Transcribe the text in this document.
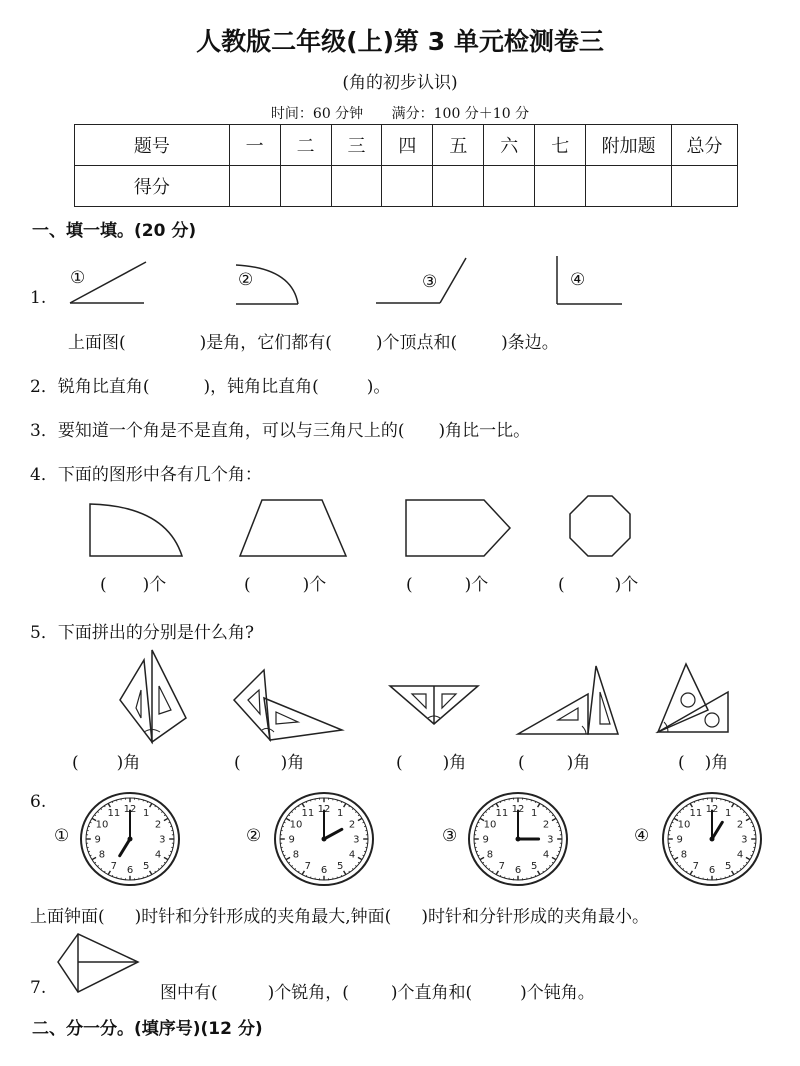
人教版二年级(上)第 3 单元检测卷三
(角的初步认识)
时间：60 分钟 满分：100 分＋10 分
题号	一	二	三	四	五	六	七	附加题	总分
得分									
一、填一填。(20 分)
1.
①	②	③	④
上面图(	)是角，它们都有(	)个顶点和(	)条边。
2．锐角比直角(	)，钝角比直角(	)。
3．要知道一个角是不是直角，可以与三角尺上的( )角比一比。
4．下面的图形中各有几个角：
( )个	(	)个	(	)个	(	)个
5．下面拼出的分别是什么角?
( )角	( )角	( )角	( )角	( )角
6.
①	②	③	④
1
2
3
4
5
6
7
8
9
10
11 12	1
2
3
4
5
6
7
8
9
10
11 12	1
2
3
4
5
6
7
8
9
10
11 12	1
2
3
4
5
6
7
8
9
10
11 12
上面钟面( )时针和分针形成的夹角最大,钟面( )时针和分针形成的夹角最小。
7.	图中有(	)个锐角，( )个直角和(	)个钝角。
二、分一分。(填序号)(12 分)
